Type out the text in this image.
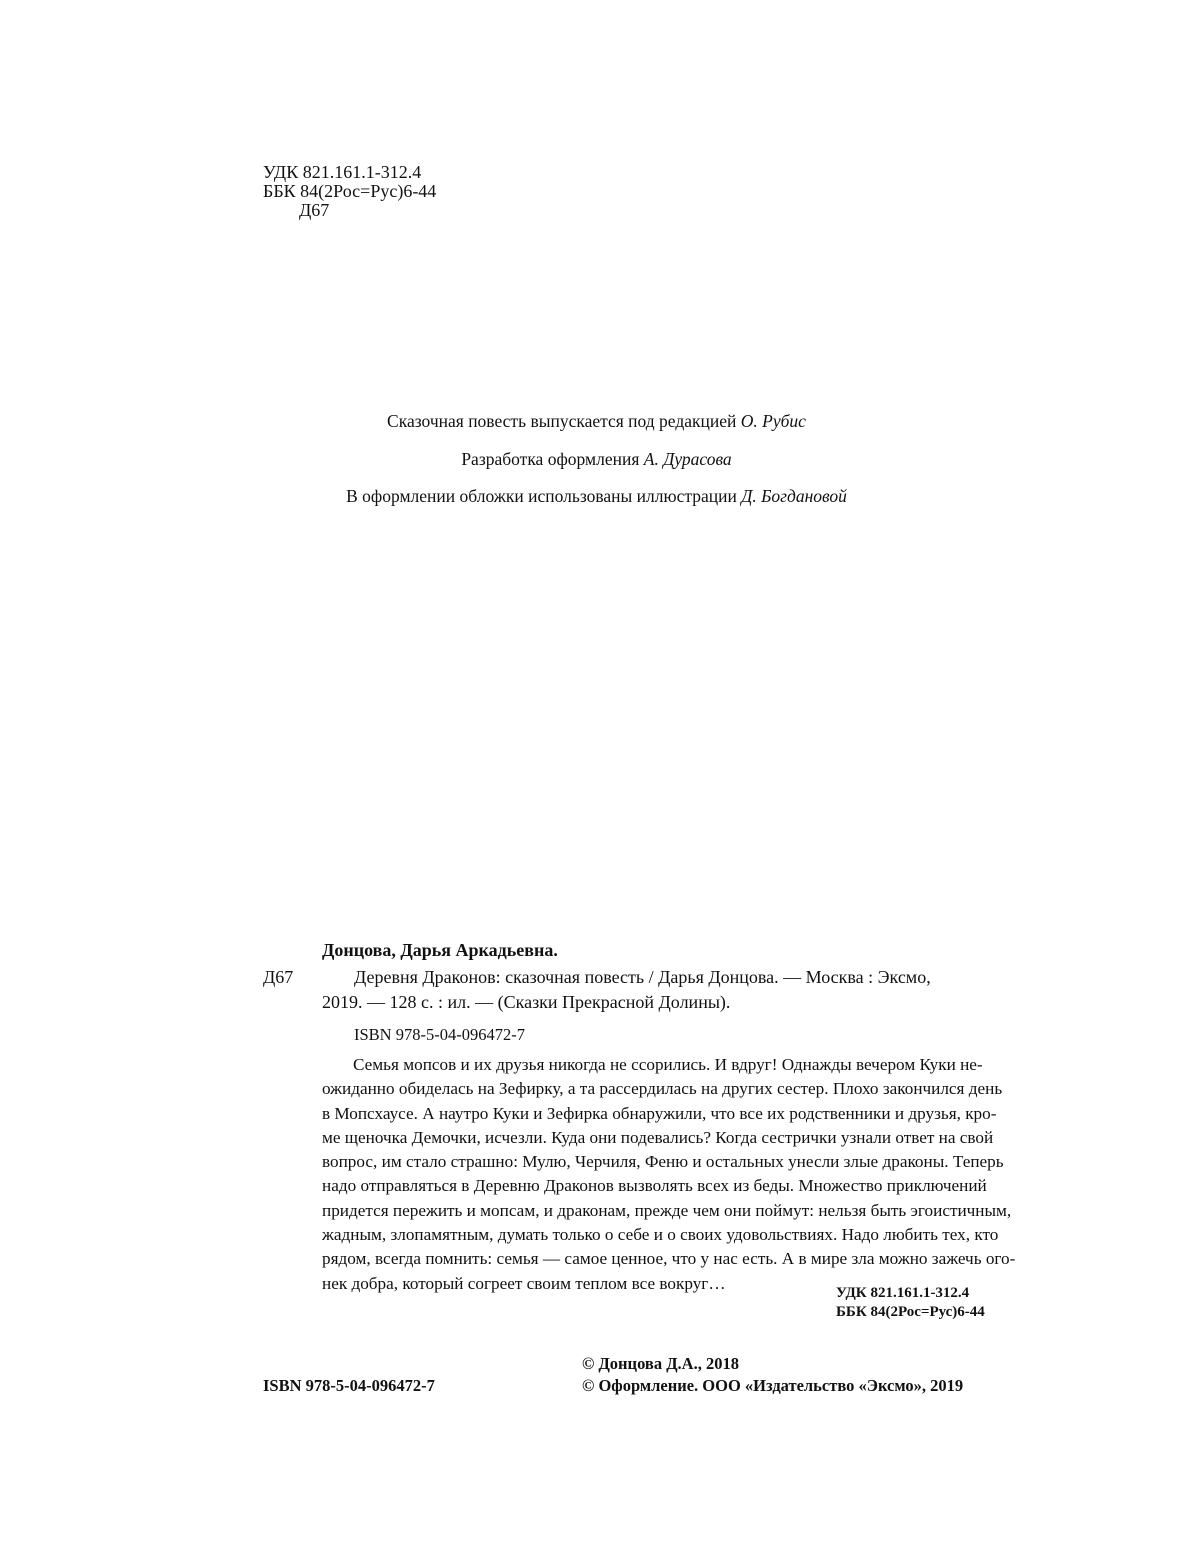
УДК 821.161.1-312.4
ББК 84(2Рос=Рус)6-44
Д67
Сказочная повесть выпускается под редакцией О. Рубис
Разработка оформления А. Дурасова
В оформлении обложки использованы иллюстрации Д. Богдановой
Донцова, Дарья Аркадьевна.
Д67	Деревня Драконов: сказочная повесть / Дарья Донцова. — Москва : Эксмо,
2019. — 128 с. : ил. — (Сказки Прекрасной Долины).
ISBN 978-5-04-096472-7
Семья мопсов и их друзья никогда не ссорились. И вдруг! Однажды вечером Куки не-
ожиданно обиделась на Зефирку, а та рассердилась на других сестер. Плохо закончился день
в Мопсхаусе. А наутро Куки и Зефирка обнаружили, что все их родственники и друзья, кро-
ме щеночка Демочки, исчезли. Куда они подевались? Когда сестрички узнали ответ на свой
вопрос, им стало страшно: Мулю, Черчиля, Феню и остальных унесли злые драконы. Теперь
надо отправляться в Деревню Драконов вызволять всех из беды. Множество приключений
придется пережить и мопсам, и драконам, прежде чем они поймут: нельзя быть эгоистичным,
жадным, злопамятным, думать только о себе и о своих удовольствиях. Надо любить тех, кто
рядом, всегда помнить: семья — самое ценное, что у нас есть. А в мире зла можно зажечь ого-
нек добра, который согреет своим теплом все вокруг…
УДК 821.161.1-312.4
ББК 84(2Рос=Рус)6-44
© Донцова Д.А., 2018
ISBN 978-5-04-096472-7	© Оформление. ООО «Издательство «Эксмо», 2019
